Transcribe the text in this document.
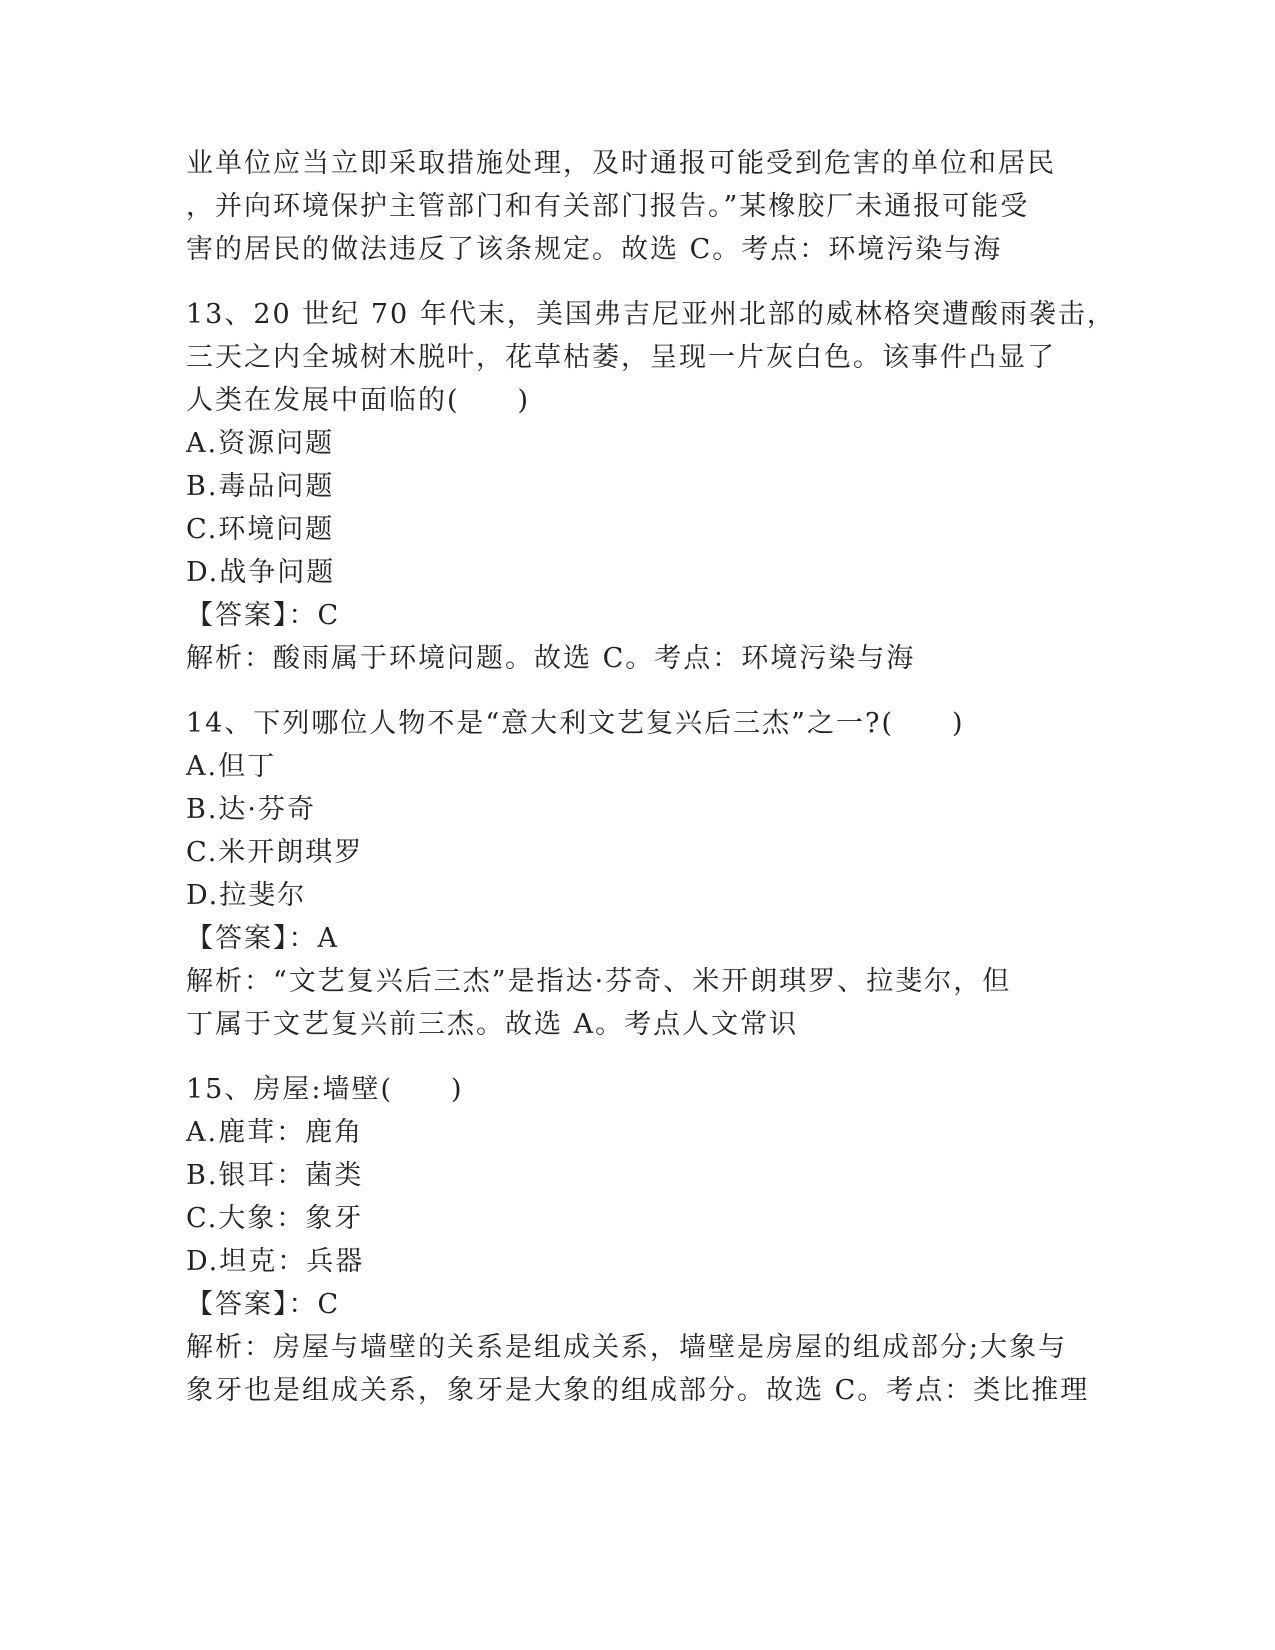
业单位应当立即采取措施处理，及时通报可能受到危害的单位和居民
，并向环境保护主管部门和有关部门报告。”某橡胶厂未通报可能受
害的居民的做法违反了该条规定。故选 C。考点：环境污染与海
13、20 世纪 70 年代末，美国弗吉尼亚州北部的威林格突遭酸雨袭击，
三天之内全城树木脱叶，花草枯萎，呈现一片灰白色。该事件凸显了
人类在发展中面临的(　　)
A.资源问题
B.毒品问题
C.环境问题
D.战争问题
【答案】：C
解析：酸雨属于环境问题。故选 C。考点：环境污染与海
14、下列哪位人物不是“意大利文艺复兴后三杰”之一?(　　)
A.但丁
B.达·芬奇
C.米开朗琪罗
D.拉斐尔
【答案】：A
解析：“文艺复兴后三杰”是指达·芬奇、米开朗琪罗、拉斐尔，但
丁属于文艺复兴前三杰。故选 A。考点人文常识
15、房屋:墙壁(　　)
A.鹿茸：鹿角
B.银耳：菌类
C.大象：象牙
D.坦克：兵器
【答案】：C
解析：房屋与墙壁的关系是组成关系，墙壁是房屋的组成部分;大象与
象牙也是组成关系，象牙是大象的组成部分。故选 C。考点：类比推理
